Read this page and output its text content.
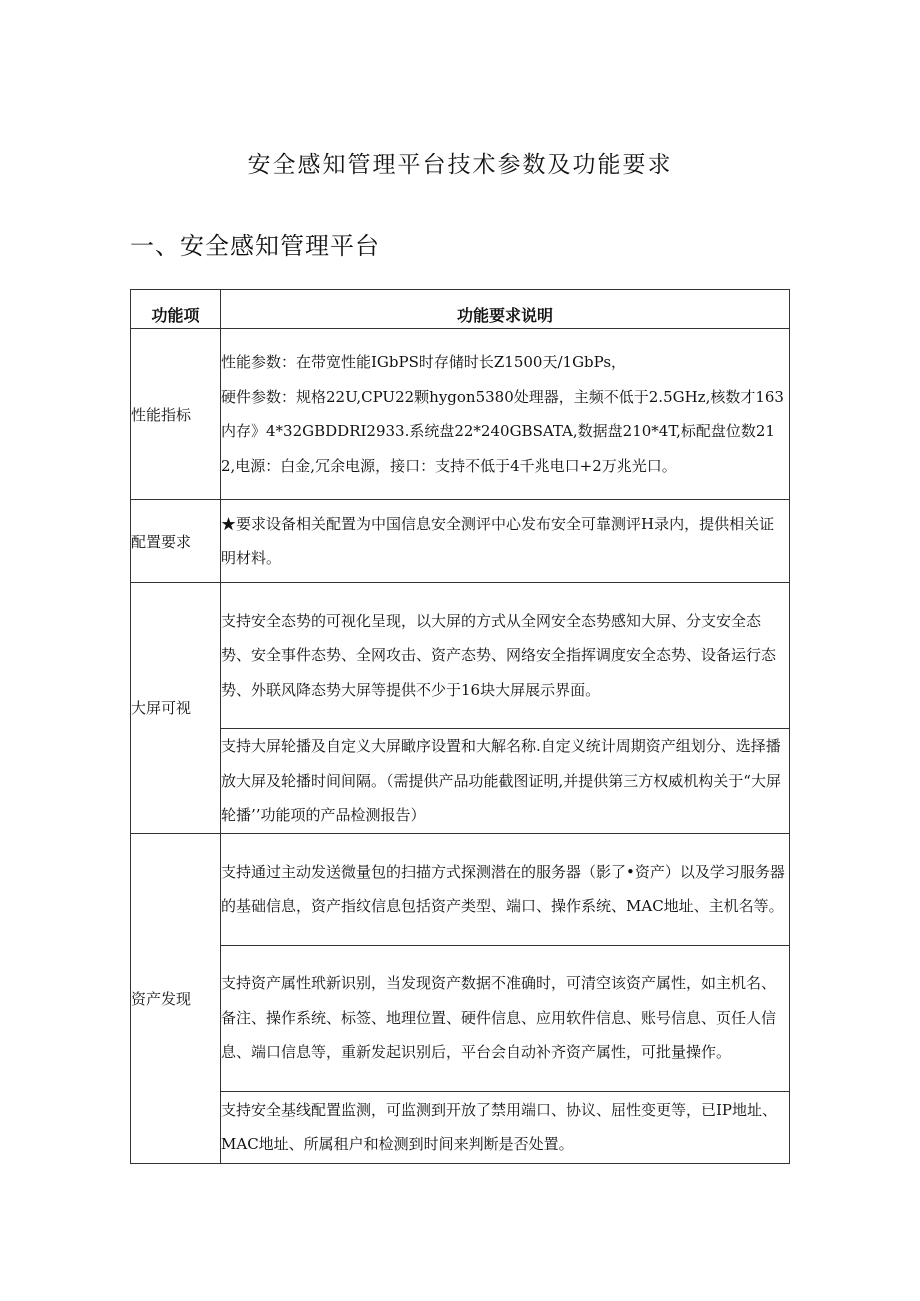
安全感知管理平台技术参数及功能要求
一、安全感知管理平台
功能项	功能要求说明
性能指标	性能参数：在带宽性能IGbPS时存储时长Z1500天/1GbPs，
硬件参数：规格22U,CPU22颗hygon5380处理器，主频不低于2.5GHz,核数才163内存》4*32GBDDRI2933.系统盘22*240GBSATA,数据盘210*4T,标配盘位数212,电源：白金,冗余电源，接口：支持不低于4千兆电口+2万兆光口。
配置要求	★要求设备相关配置为中国信息安全测评中心发布安全可靠测评H录内，提供相关证明材料。
大屏可视	支持安全态势的可视化呈现，以大屏的方式从全网安全态势感知大屏、分支安全态势、安全事件态势、全网攻击、资产态势、网络安全指挥调度安全态势、设备运行态势、外联风降态势大屏等提供不少于16块大屏展示界面。
	支持大屏轮播及自定义大屏瞰序设置和大解名称.自定义统计周期资产组划分、选择播放大屏及轮播时间间隔。（需提供产品功能截图证明,并提供第三方权威机构关于“大屏轮播’’功能项的产品检测报告）
资产发现	支持通过主动发送微量包的扫描方式探测潜在的服务器（影了•资产）以及学习服务器的基础信息，资产指纹信息包括资产类型、端口、操作系统、MAC地址、主机名等。
	支持资产属性玳新识别，当发现资产数据不准确时，可清空该资产属性，如主机名、备注、操作系统、标签、地理位置、硬件信息、应用软件信息、账号信息、页任人信息、端口信息等，重新发起识别后，平台会自动补齐资产属性，可批量操作。
	支持安全基线配置监测，可监测到开放了禁用端口、协议、屈性变更等，已IP地址、MAC地址、所属租户和检测到时间来判断是否处置。
